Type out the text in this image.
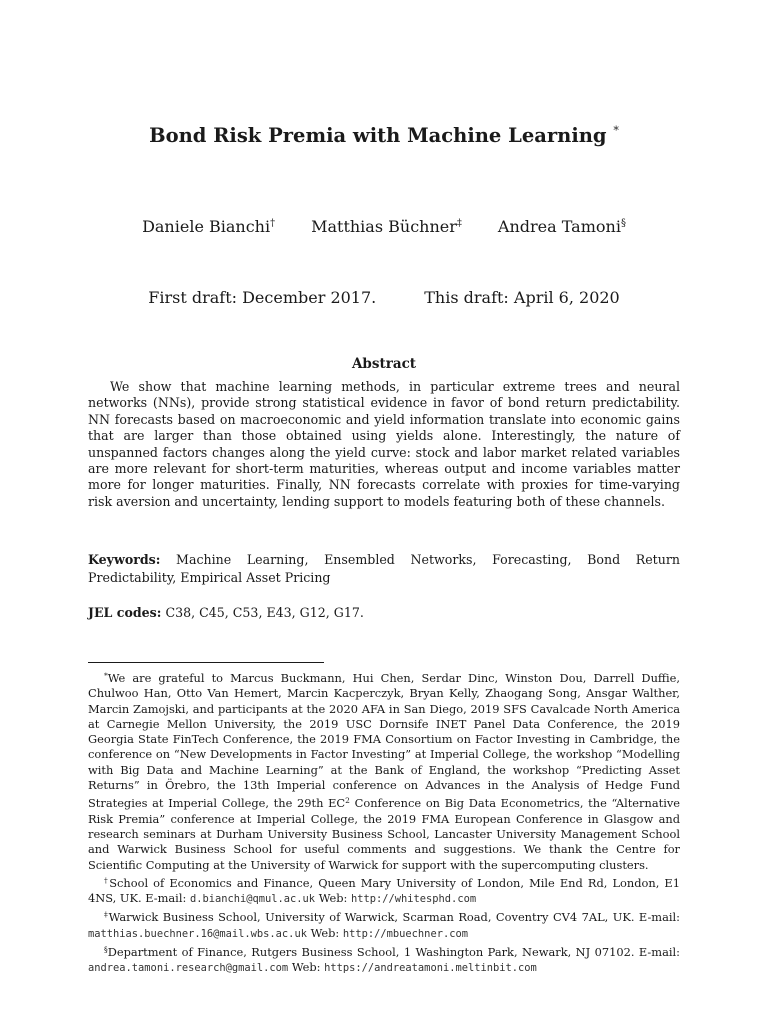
Bond Risk Premia with Machine Learning *
Daniele Bianchi† Matthias Büchner‡ Andrea Tamoni§
First draft: December 2017.	This draft: April 6, 2020
Abstract

We show that machine learning methods, in particular extreme trees and neural networks (NNs), provide strong statistical evidence in favor of bond return predictability. NN forecasts based on macroeconomic and yield information translate into economic gains that are larger than those obtained using yields alone. Interestingly, the nature of unspanned factors changes along the yield curve: stock and labor market related variables are more relevant for short-term maturities, whereas output and income variables matter more for longer maturities. Finally, NN forecasts correlate with proxies for time-varying risk aversion and uncertainty, lending support to models featuring both of these channels.

Keywords: Machine Learning, Ensembled Networks, Forecasting, Bond Return Predictability, Empirical Asset Pricing

JEL codes: C38, C45, C53, E43, G12, G17.

*We are grateful to Marcus Buckmann, Hui Chen, Serdar Dinc, Winston Dou, Darrell Duffie, Chulwoo Han, Otto Van Hemert, Marcin Kacperczyk, Bryan Kelly, Zhaogang Song, Ansgar Walther, Marcin Zamojski, and participants at the 2020 AFA in San Diego, 2019 SFS Cavalcade North America at Carnegie Mellon University, the 2019 USC Dornsife INET Panel Data Conference, the 2019 Georgia State FinTech Conference, the 2019 FMA Consortium on Factor Investing in Cambridge, the conference on “New Developments in Factor Investing” at Imperial College, the workshop “Modelling with Big Data and Machine Learning” at the Bank of England, the workshop “Predicting Asset Returns” in Örebro, the 13th Imperial conference on Advances in the Analysis of Hedge Fund Strategies at Imperial College, the 29th $EC^2$ Conference on Big Data Econometrics, the “Alternative Risk Premia” conference at Imperial College, the 2019 FMA European Conference in Glasgow and research seminars at Durham University Business School, Lancaster University Management School and Warwick Business School for useful comments and suggestions. We thank the Centre for Scientific Computing at the University of Warwick for support with the supercomputing clusters.

†School of Economics and Finance, Queen Mary University of London, Mile End Rd, London, E1 4NS, UK. E-mail: d.bianchi@qmul.ac.uk Web: http://whitesphd.com

‡Warwick Business School, University of Warwick, Scarman Road, Coventry CV4 7AL, UK. E-mail: matthias.buechner.16@mail.wbs.ac.uk Web: http://mbuechner.com

§Department of Finance, Rutgers Business School, 1 Washington Park, Newark, NJ 07102. E-mail: andrea.tamoni.research@gmail.com Web: https://andreatamoni.meltinbit.com
